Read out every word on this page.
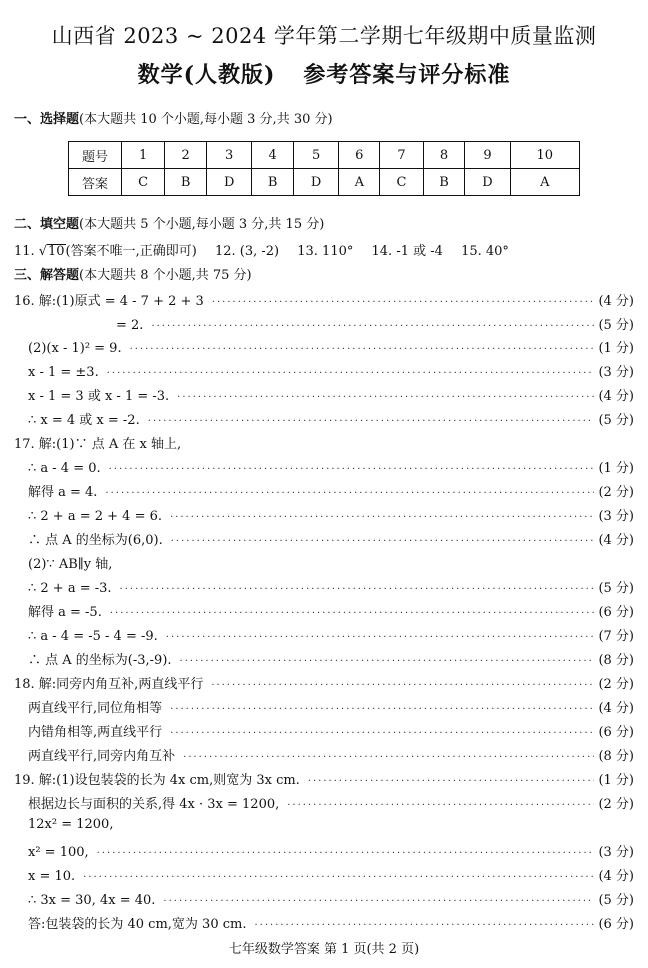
山西省 2023 ~ 2024 学年第二学期七年级期中质量监测
数学(人教版) 参考答案与评分标准
一、选择题(本大题共 10 个小题,每小题 3 分,共 30 分)
题号	1	2	3	4	5	6	7	8	9	10
答案	C	B	D	B	D	A	C	B	D	A
二、填空题(本大题共 5 个小题,每小题 3 分,共 15 分)
11. √10(答案不唯一,正确即可) 12. (3, -2) 13. 110° 14. -1 或 -4 15. 40°
三、解答题(本大题共 8 个小题,共 75 分)
16. 解:(1)原式 = 4 - 7 + 2 + 3 ·····	(4 分)
= 2. ·····	(5 分)
(2)(x - 1)² = 9. ·····	(1 分)
x - 1 = ±3. ·····	(3 分)
x - 1 = 3 或 x - 1 = -3. ·····	(4 分)
∴ x = 4 或 x = -2. ·····	(5 分)
17. 解:(1)∵ 点 A 在 x 轴上,
∴ a - 4 = 0. ·····	(1 分)
解得 a = 4. ·····	(2 分)
∴ 2 + a = 2 + 4 = 6. ·····	(3 分)
∴ 点 A 的坐标为(6,0). ·····	(4 分)
(2)∵ AB∥y 轴,
∴ 2 + a = -3. ·····	(5 分)
解得 a = -5. ·····	(6 分)
∴ a - 4 = -5 - 4 = -9. ·····	(7 分)
∴ 点 A 的坐标为(-3,-9). ·····	(8 分)
18. 解:同旁内角互补,两直线平行 ·····	(2 分)
两直线平行,同位角相等 ·····	(4 分)
内错角相等,两直线平行 ·····	(6 分)
两直线平行,同旁内角互补 ·····	(8 分)
19. 解:(1)设包装袋的长为 4x cm,则宽为 3x cm. ·····	(1 分)
根据边长与面积的关系,得 4x · 3x = 1200, ·····	(2 分)
12x² = 1200,
x² = 100, ·····	(3 分)
x = 10. ·····	(4 分)
∴ 3x = 30, 4x = 40. ·····	(5 分)
答:包装袋的长为 40 cm,宽为 30 cm. ·····	(6 分)
七年级数学答案 第 1 页(共 2 页)
